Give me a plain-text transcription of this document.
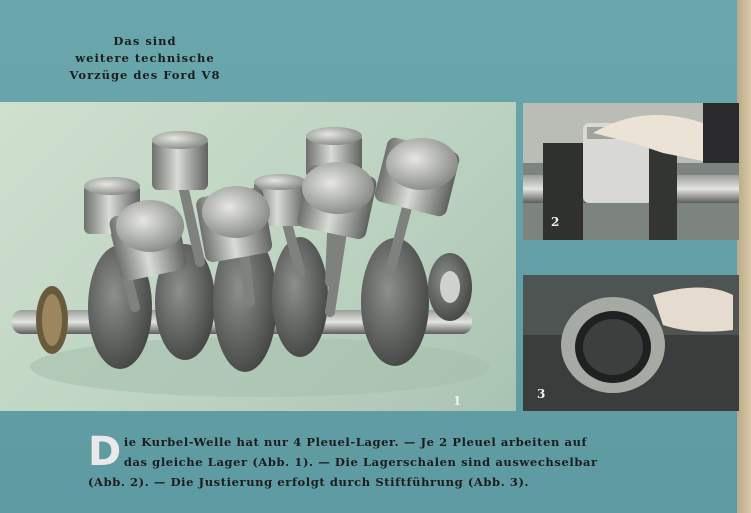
Das sind
weitere technische
Vorzüge des Ford V8
1
2
3
D ie Kurbel-Welle hat nur 4 Pleuel-Lager. — Je 2 Pleuel arbeiten auf

das gleiche Lager (Abb. 1). — Die Lagerschalen sind auswechselbar

(Abb. 2). — Die Justierung erfolgt durch Stiftführung (Abb. 3).
